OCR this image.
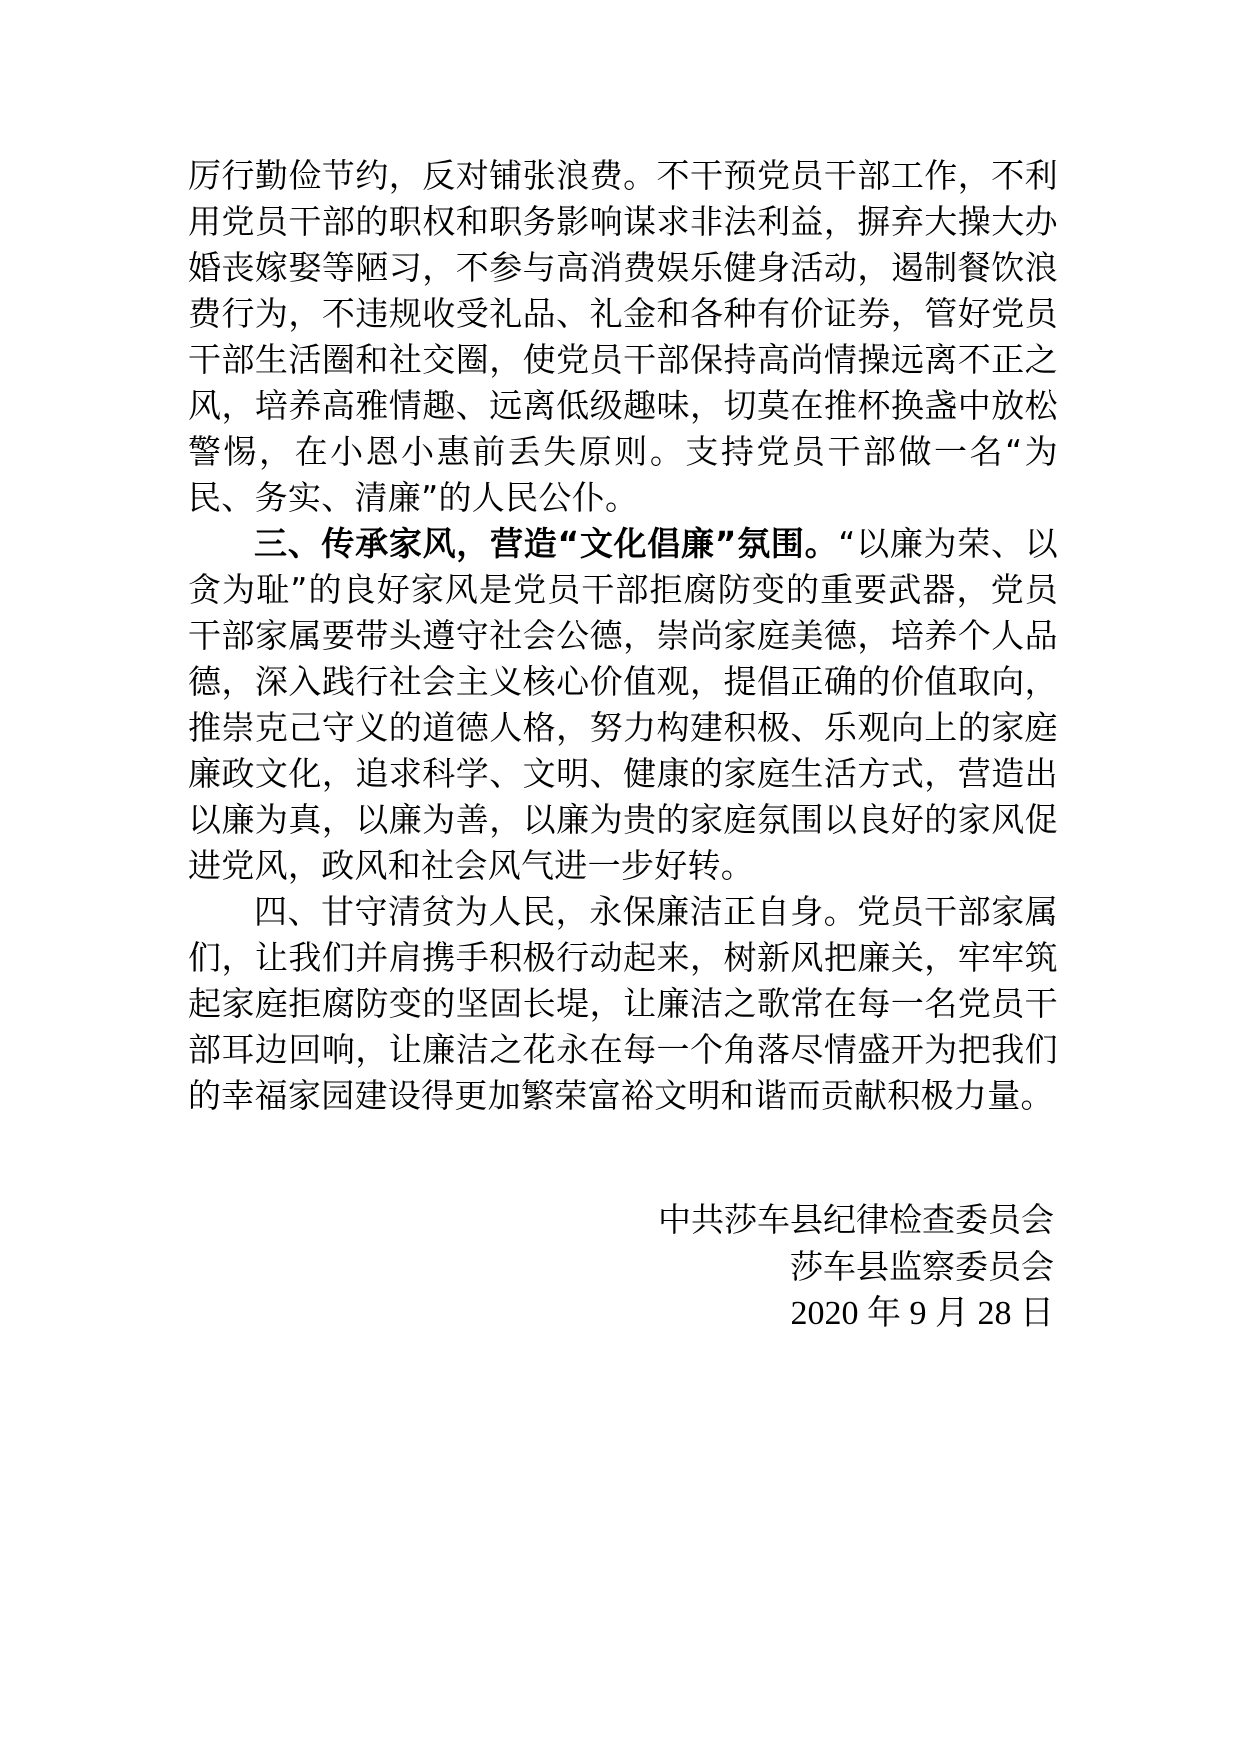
厉行勤俭节约，反对铺张浪费。不干预党员干部工作，不利用党员干部的职权和职务影响谋求非法利益，摒弃大操大办婚丧嫁娶等陋习，不参与高消费娱乐健身活动，遏制餐饮浪费行为，不违规收受礼品、礼金和各种有价证券，管好党员干部生活圈和社交圈，使党员干部保持高尚情操远离不正之风，培养高雅情趣、远离低级趣味，切莫在推杯换盏中放松警惕，在小恩小惠前丢失原则。支持党员干部做一名“为民、务实、清廉”的人民公仆。

三、传承家风，营造“文化倡廉”氛围。“以廉为荣、以贪为耻”的良好家风是党员干部拒腐防变的重要武器，党员干部家属要带头遵守社会公德，崇尚家庭美德，培养个人品德，深入践行社会主义核心价值观，提倡正确的价值取向，推崇克己守义的道德人格，努力构建积极、乐观向上的家庭廉政文化，追求科学、文明、健康的家庭生活方式，营造出以廉为真，以廉为善，以廉为贵的家庭氛围以良好的家风促进党风，政风和社会风气进一步好转。

四、甘守清贫为人民，永保廉洁正自身。党员干部家属们，让我们并肩携手积极行动起来，树新风把廉关，牢牢筑起家庭拒腐防变的坚固长堤，让廉洁之歌常在每一名党员干部耳边回响，让廉洁之花永在每一个角落尽情盛开为把我们的幸福家园建设得更加繁荣富裕文明和谐而贡献积极力量。

中共莎车县纪律检查委员会
莎车县监察委员会
2020 年 9 月 28 日
